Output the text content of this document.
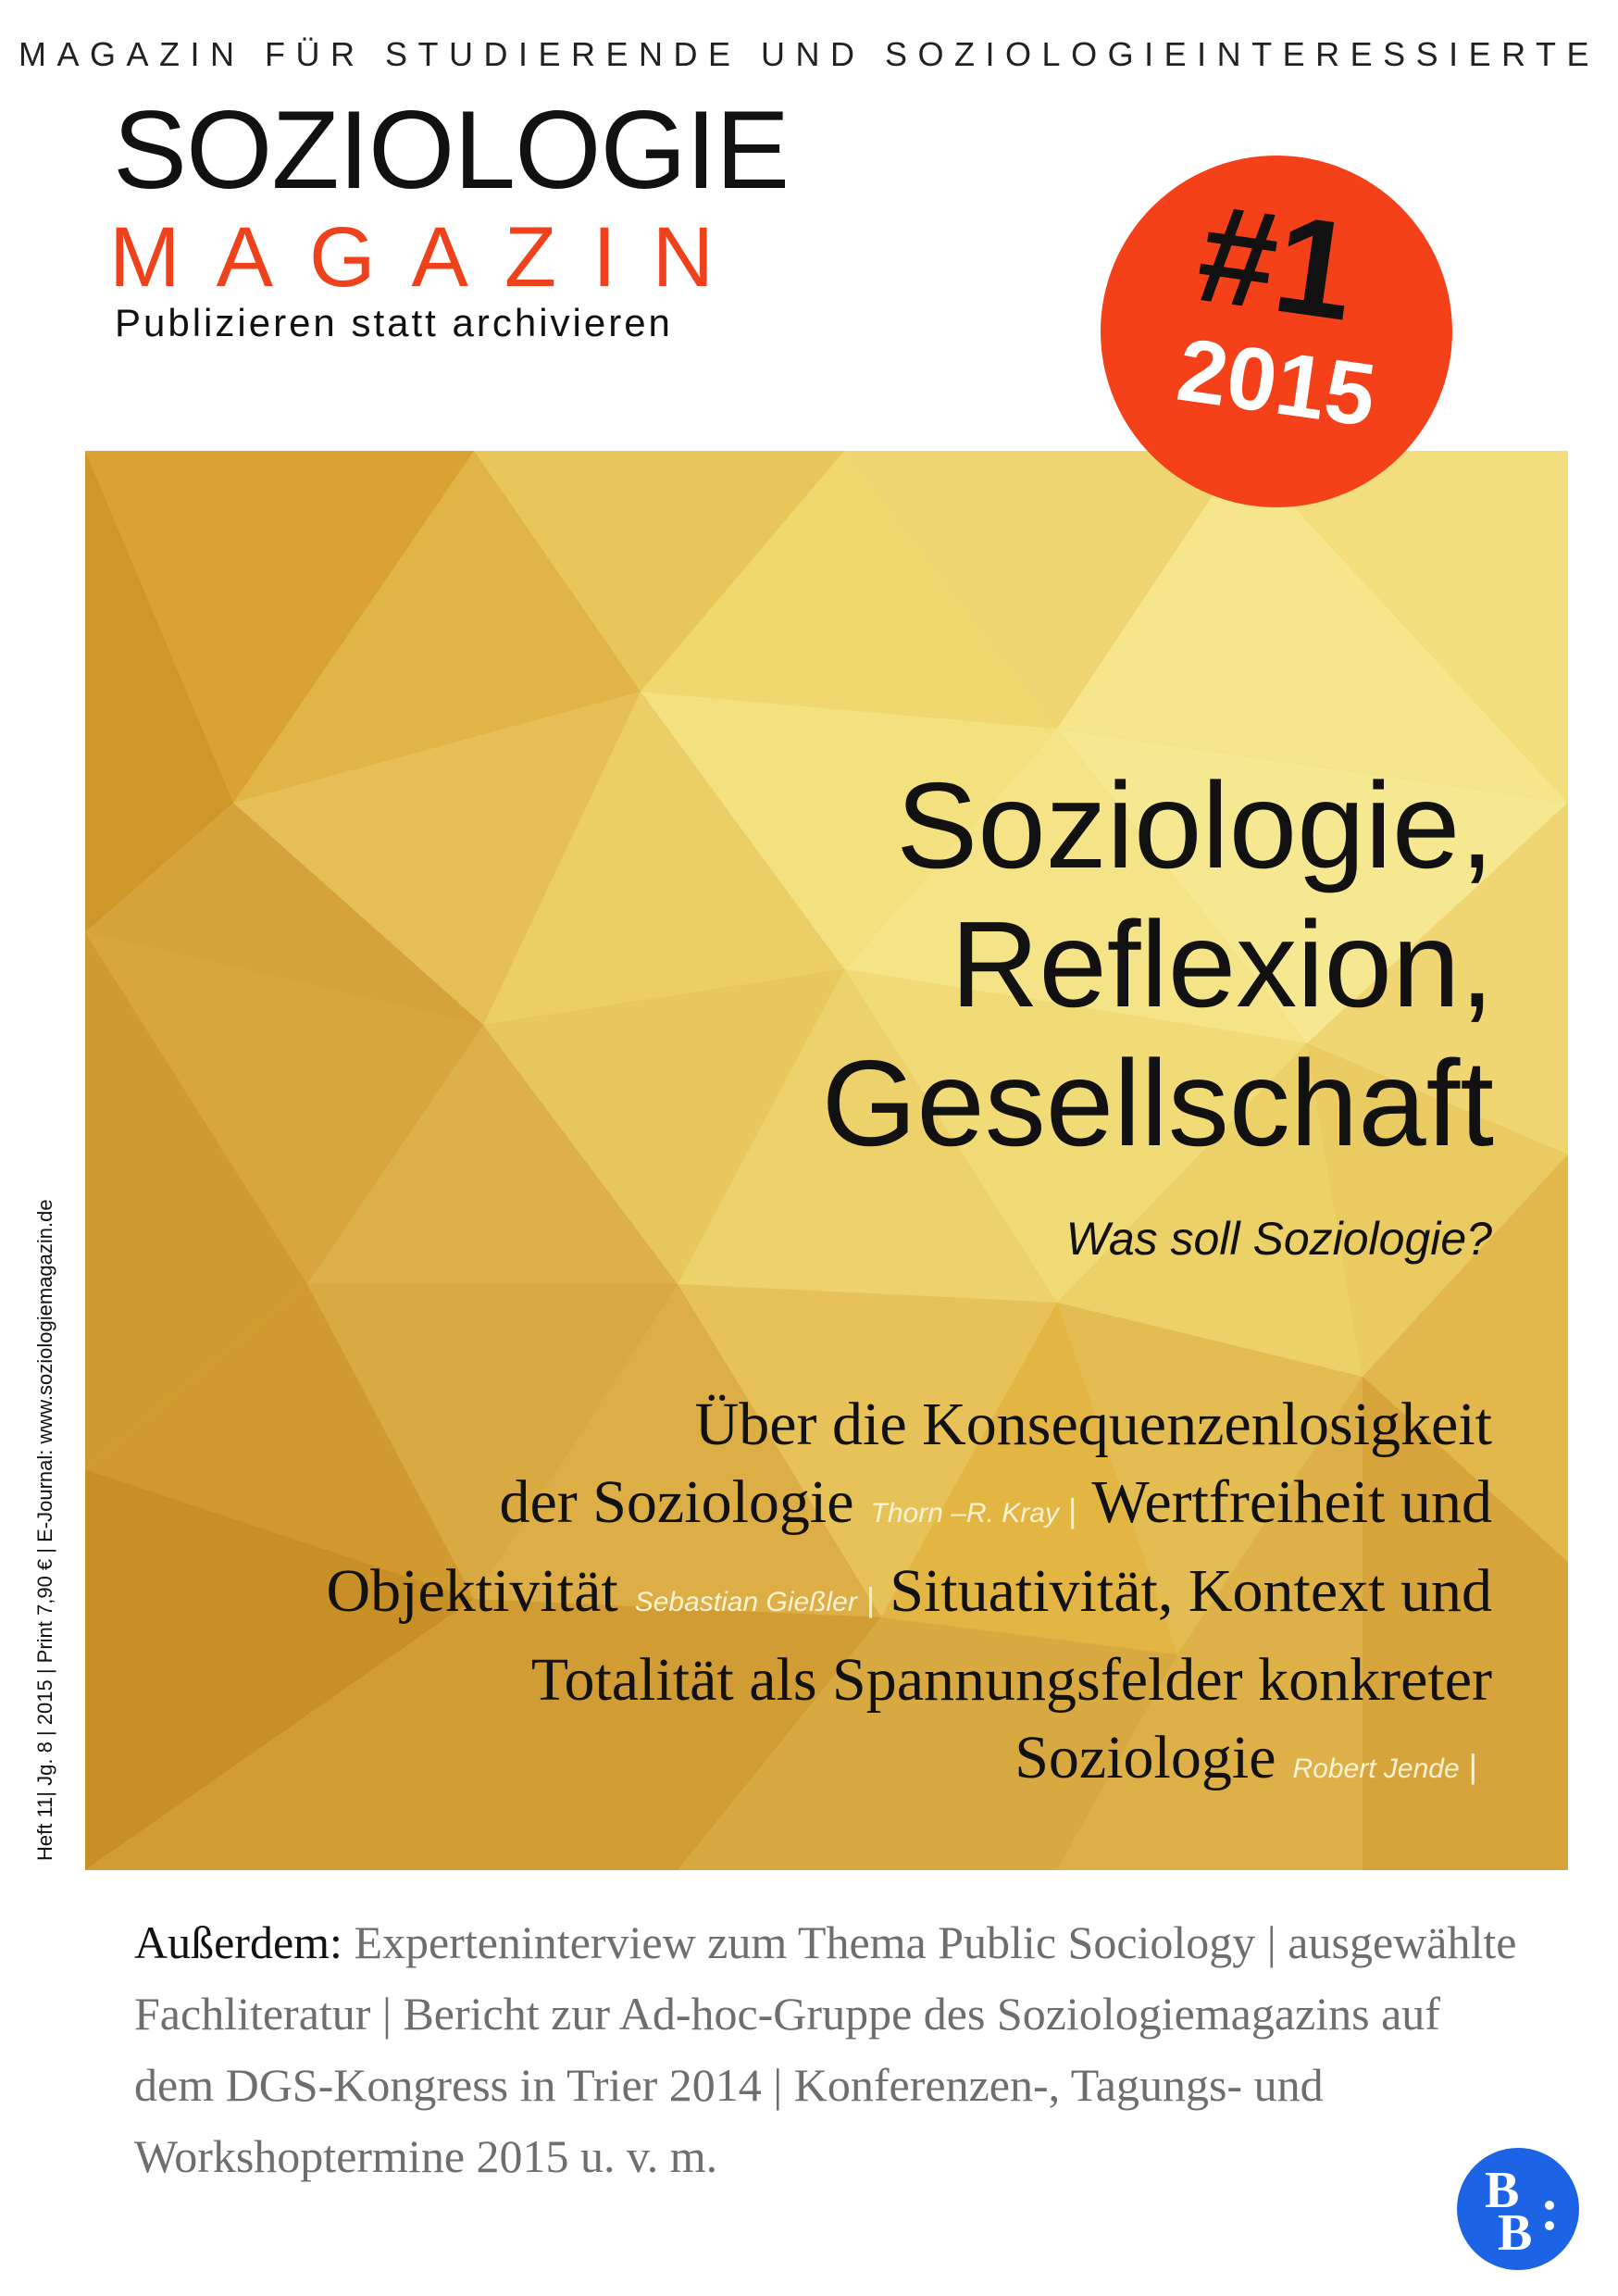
MAGAZIN FÜR STUDIERENDE UND SOZIOLOGIEINTERESSIERTE
SOZIOLOGIE
MAGAZIN
Publizieren statt archivieren	#1
2015
Soziologie,
Reflexion,
Gesellschaft
Was soll Soziologie?
Über die Konsequenzenlosigkeit
der Soziologie Thorn –R. Kray | Wertfreiheit und
Objektivität Sebastian Gießler | Situativität, Kontext und
Totalität als Spannungsfelder konkreter
Soziologie Robert Jende |
Heft 11| Jg. 8 | 2015 | Print 7,90 € | E-Journal: www.soziologiemagazin.de
Außerdem: Experteninterview zum Thema Public Sociology | ausgewählte Fachliteratur | Bericht zur Ad-hoc-Gruppe des Soziologiemagazins auf dem DGS-Kongress in Trier 2014 | Konferenzen-, Tagungs- und Workshoptermine 2015 u. v. m.
B
B
